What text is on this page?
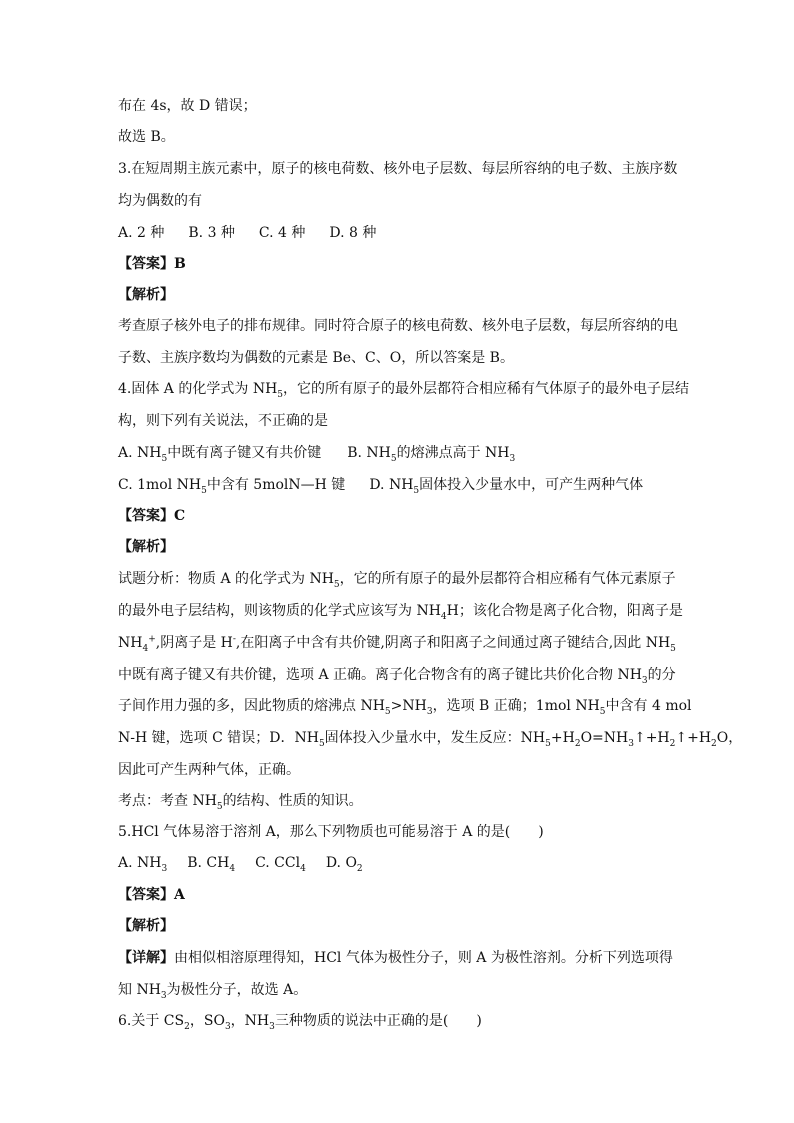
布在 4s，故 D 错误；
故选 B。
3.在短周期主族元素中，原子的核电荷数、核外电子层数、每层所容纳的电子数、主族序数
均为偶数的有
A. 2 种 B. 3 种 C. 4 种 D. 8 种
【答案】B
【解析】
考查原子核外电子的排布规律。同时符合原子的核电荷数、核外电子层数，每层所容纳的电
子数、主族序数均为偶数的元素是 Be、C、O，所以答案是 B。
4.固体 A 的化学式为 $NH_5$，它的所有原子的最外层都符合相应稀有气体原子的最外电子层结
构，则下列有关说法，不正确的是
A. $NH_5$中既有离子键又有共价键 B. $NH_5$的熔沸点高于 $NH_3$
C. 1mol $NH_5$中含有 5molN—H 键 D. $NH_5$固体投入少量水中，可产生两种气体
【答案】C
【解析】
试题分析：物质 A 的化学式为 $NH_5$，它的所有原子的最外层都符合相应稀有气体元素原子
的最外电子层结构，则该物质的化学式应该写为 $NH_4H$；该化合物是离子化合物，阳离子是
$NH_4^+$,阴离子是 H-,在阳离子中含有共价键,阴离子和阳离子之间通过离子键结合,因此 $NH_5$
中既有离子键又有共价键，选项 A 正确。离子化合物含有的离子键比共价化合物 $NH_3$的分
子间作用力强的多，因此物质的熔沸点 $NH_5>NH_3$，选项 B 正确；1mol $NH_5$中含有 4 mol
N-H 键，选项 C 错误；D．$NH_5$固体投入少量水中，发生反应：$NH_5+H_2O=NH_3↑+H_2↑+H_2O$，
因此可产生两种气体，正确。
考点：考查 $NH_5$的结构、性质的知识。
5.HCl 气体易溶于溶剂 A，那么下列物质也可能易溶于 A 的是(　　)
A. $NH_3$ B. $CH_4$ C. CCl$_4$ D. $O_2$
【答案】A
【解析】
【详解】由相似相溶原理得知，HCl 气体为极性分子，则 A 为极性溶剂。分析下列选项得
知 $NH_3$为极性分子，故选 A。
6.关于 $CS_2$，$SO_3$，$NH_3$三种物质的说法中正确的是(　　)
